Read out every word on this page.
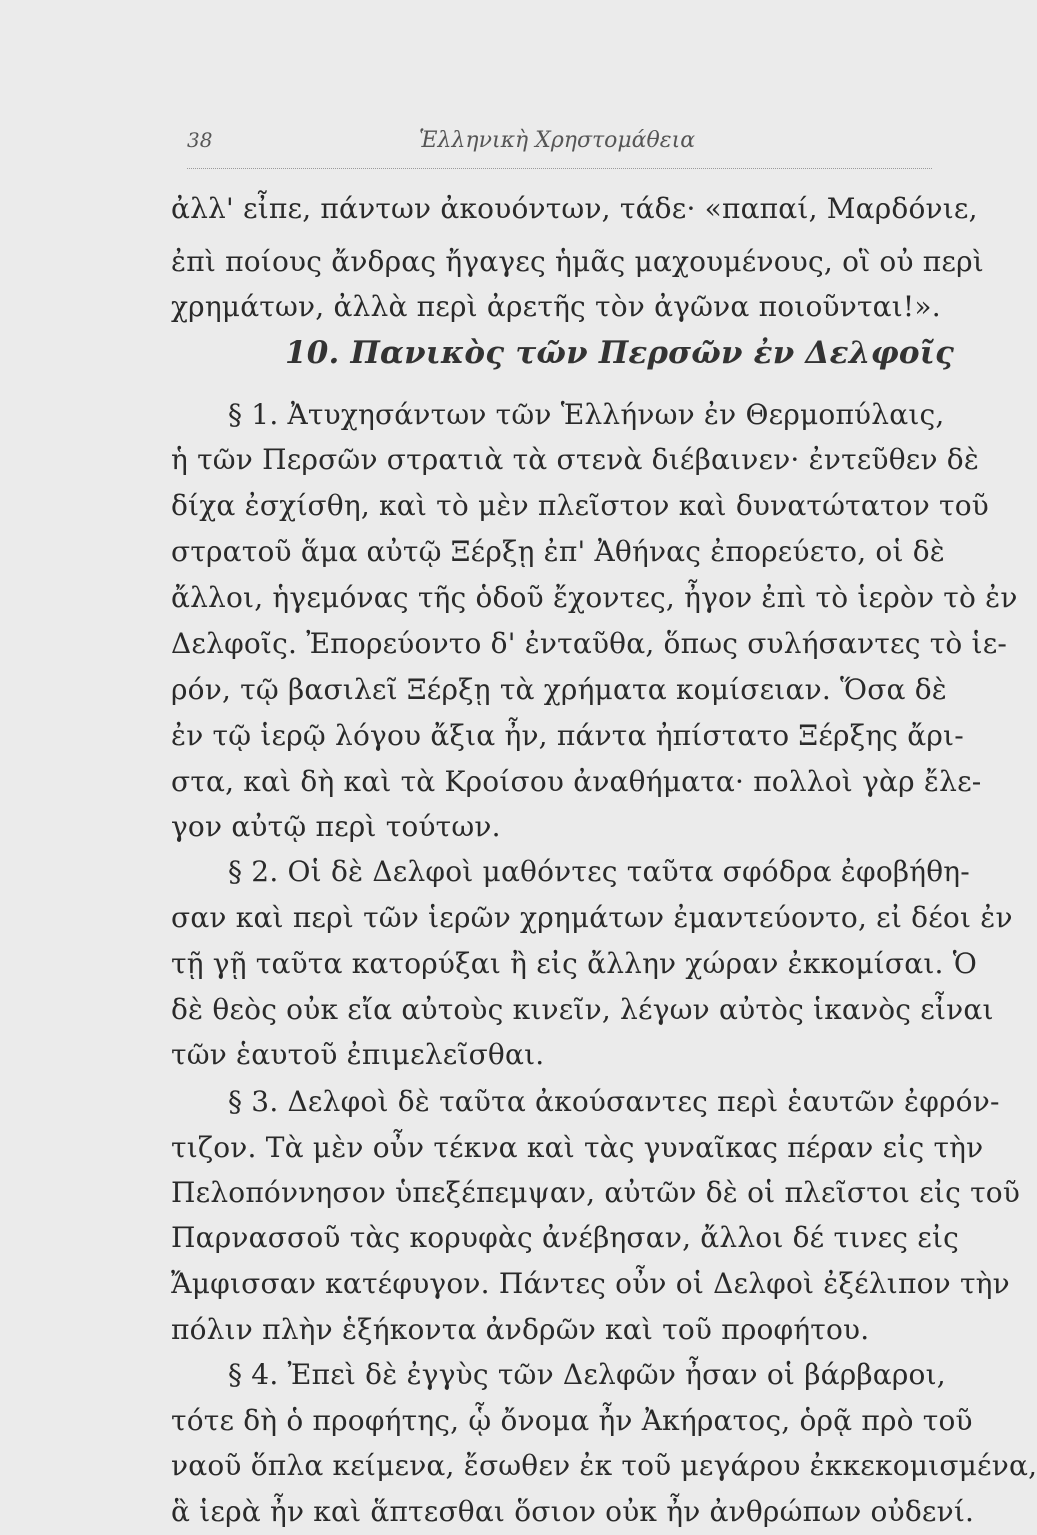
38	Ἑλληνικὴ Χρηστομάθεια
ἀλλ' εἶπε, πάντων ἀκουόντων, τάδε· «παπαί, Μαρδόνιε,
ἐπὶ ποίους ἄνδρας ἤγαγες ἡμᾶς μαχουμένους, οἳ οὐ περὶ
χρημάτων, ἀλλὰ περὶ ἀρετῆς τὸν ἀγῶνα ποιοῦνται!».
10. Πανικὸς τῶν Περσῶν ἐν Δελφοῖς
§ 1. Ἀτυχησάντων τῶν Ἑλλήνων ἐν Θερμοπύλαις,
ἡ τῶν Περσῶν στρατιὰ τὰ στενὰ διέβαινεν· ἐντεῦθεν δὲ
δίχα ἐσχίσθη, καὶ τὸ μὲν πλεῖστον καὶ δυνατώτατον τοῦ
στρατοῦ ἅμα αὐτῷ Ξέρξῃ ἐπ' Ἀθήνας ἐπορεύετο, οἱ δὲ
ἄλλοι, ἡγεμόνας τῆς ὁδοῦ ἔχοντες, ἦγον ἐπὶ τὸ ἱερὸν τὸ ἐν
Δελφοῖς. Ἐπορεύοντο δ' ἐνταῦθα, ὅπως συλήσαντες τὸ ἱε-
ρόν, τῷ βασιλεῖ Ξέρξῃ τὰ χρήματα κομίσειαν. Ὅσα δὲ
ἐν τῷ ἱερῷ λόγου ἄξια ἦν, πάντα ἠπίστατο Ξέρξης ἄρι-
στα, καὶ δὴ καὶ τὰ Κροίσου ἀναθήματα· πολλοὶ γὰρ ἔλε-
γον αὐτῷ περὶ τούτων.
§ 2. Οἱ δὲ Δελφοὶ μαθόντες ταῦτα σφόδρα ἐφοβήθη-
σαν καὶ περὶ τῶν ἱερῶν χρημάτων ἐμαντεύοντο, εἰ δέοι ἐν
τῇ γῇ ταῦτα κατορύξαι ἢ εἰς ἄλλην χώραν ἐκκομίσαι. Ὁ
δὲ θεὸς οὐκ εἴα αὐτοὺς κινεῖν, λέγων αὐτὸς ἱκανὸς εἶναι
τῶν ἑαυτοῦ ἐπιμελεῖσθαι.
§ 3. Δελφοὶ δὲ ταῦτα ἀκούσαντες περὶ ἑαυτῶν ἐφρόν-
τιζον. Τὰ μὲν οὖν τέκνα καὶ τὰς γυναῖκας πέραν εἰς τὴν
Πελοπόννησον ὑπεξέπεμψαν, αὐτῶν δὲ οἱ πλεῖστοι εἰς τοῦ
Παρνασσοῦ τὰς κορυφὰς ἀνέβησαν, ἄλλοι δέ τινες εἰς
Ἄμφισσαν κατέφυγον. Πάντες οὖν οἱ Δελφοὶ ἐξέλιπον τὴν
πόλιν πλὴν ἑξήκοντα ἀνδρῶν καὶ τοῦ προφήτου.
§ 4. Ἐπεὶ δὲ ἐγγὺς τῶν Δελφῶν ἦσαν οἱ βάρβαροι,
τότε δὴ ὁ προφήτης, ᾧ ὄνομα ἦν Ἀκήρατος, ὁρᾷ πρὸ τοῦ
ναοῦ ὅπλα κείμενα, ἔσωθεν ἐκ τοῦ μεγάρου ἐκκεκομισμένα,
ἃ ἱερὰ ἦν καὶ ἅπτεσθαι ὅσιον οὐκ ἦν ἀνθρώπων οὐδενί.
